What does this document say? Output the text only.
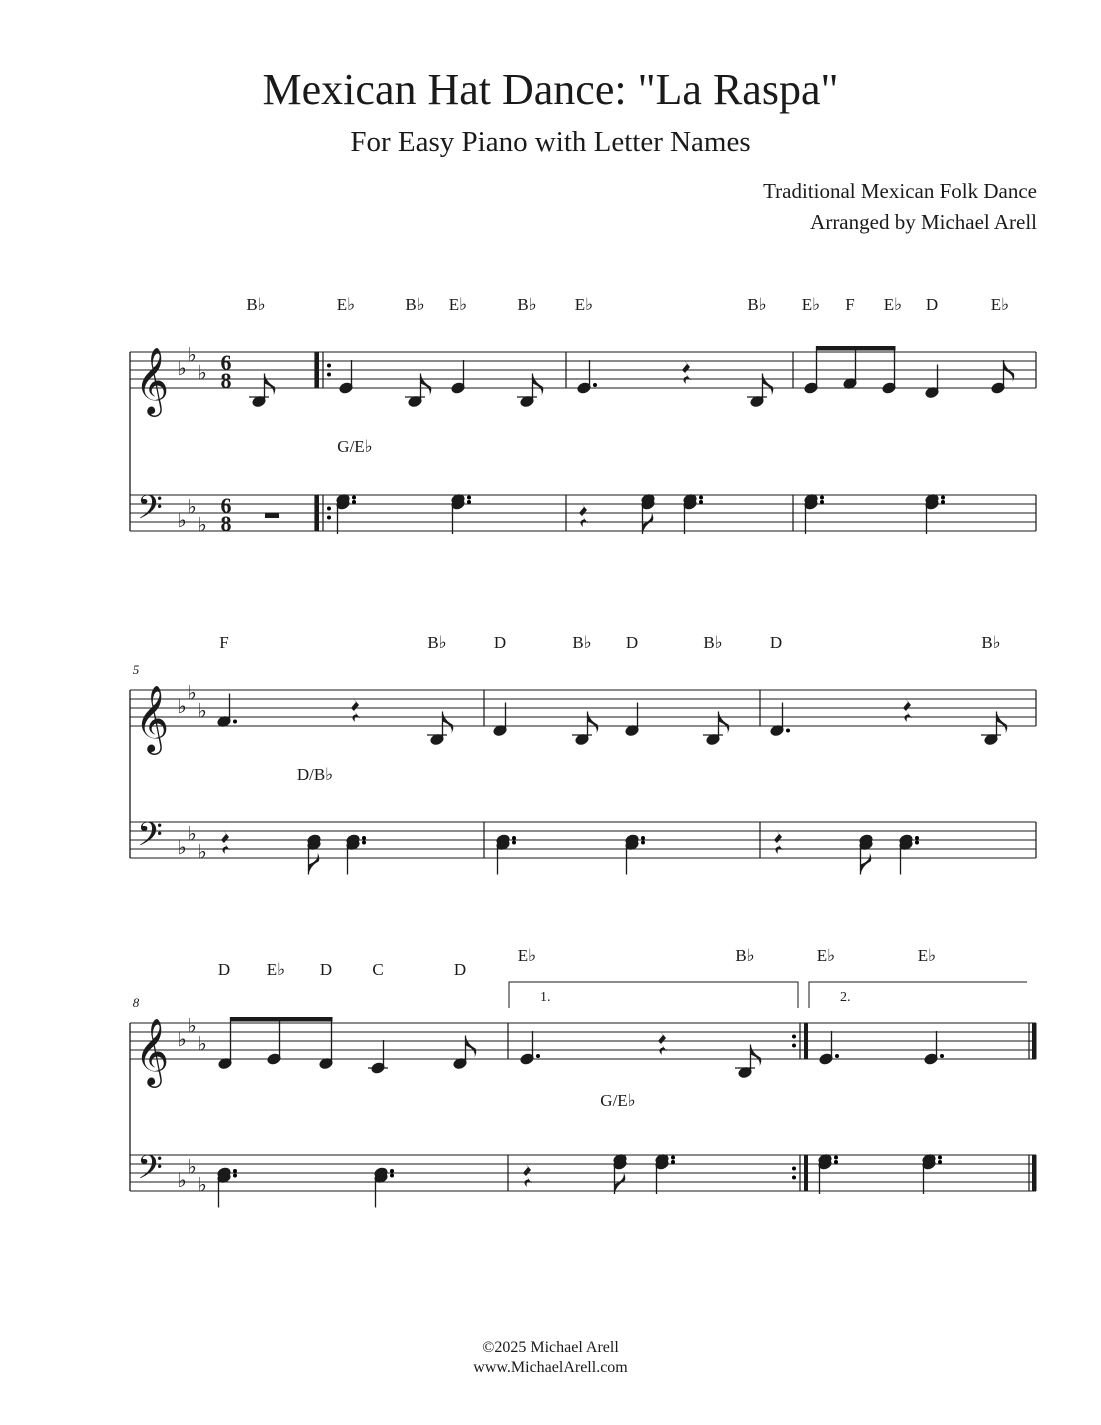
Mexican Hat Dance: "La Raspa"
For Easy Piano with Letter Names
Traditional Mexican Folk Dance
Arranged by Michael Arell
𝄞
𝄢
♭
♭
♭
♭
♭
♭
6
8
6
8
B♭	E♭	B♭ E♭	B♭ E♭	B♭ E♭ F E♭ D	E♭
G/E♭
𝄞
𝄢
♭
♭
♭
♭
♭
♭
5
F	B♭	D	B♭ D	B♭	D	B♭
D/B♭
𝄞
𝄢
♭
♭
♭
♭
♭
♭
8
D E♭ D C	D
E♭	B♭	E♭	E♭
G/E♭
1.	2.
©2025 Michael Arell
www.MichaelArell.com
